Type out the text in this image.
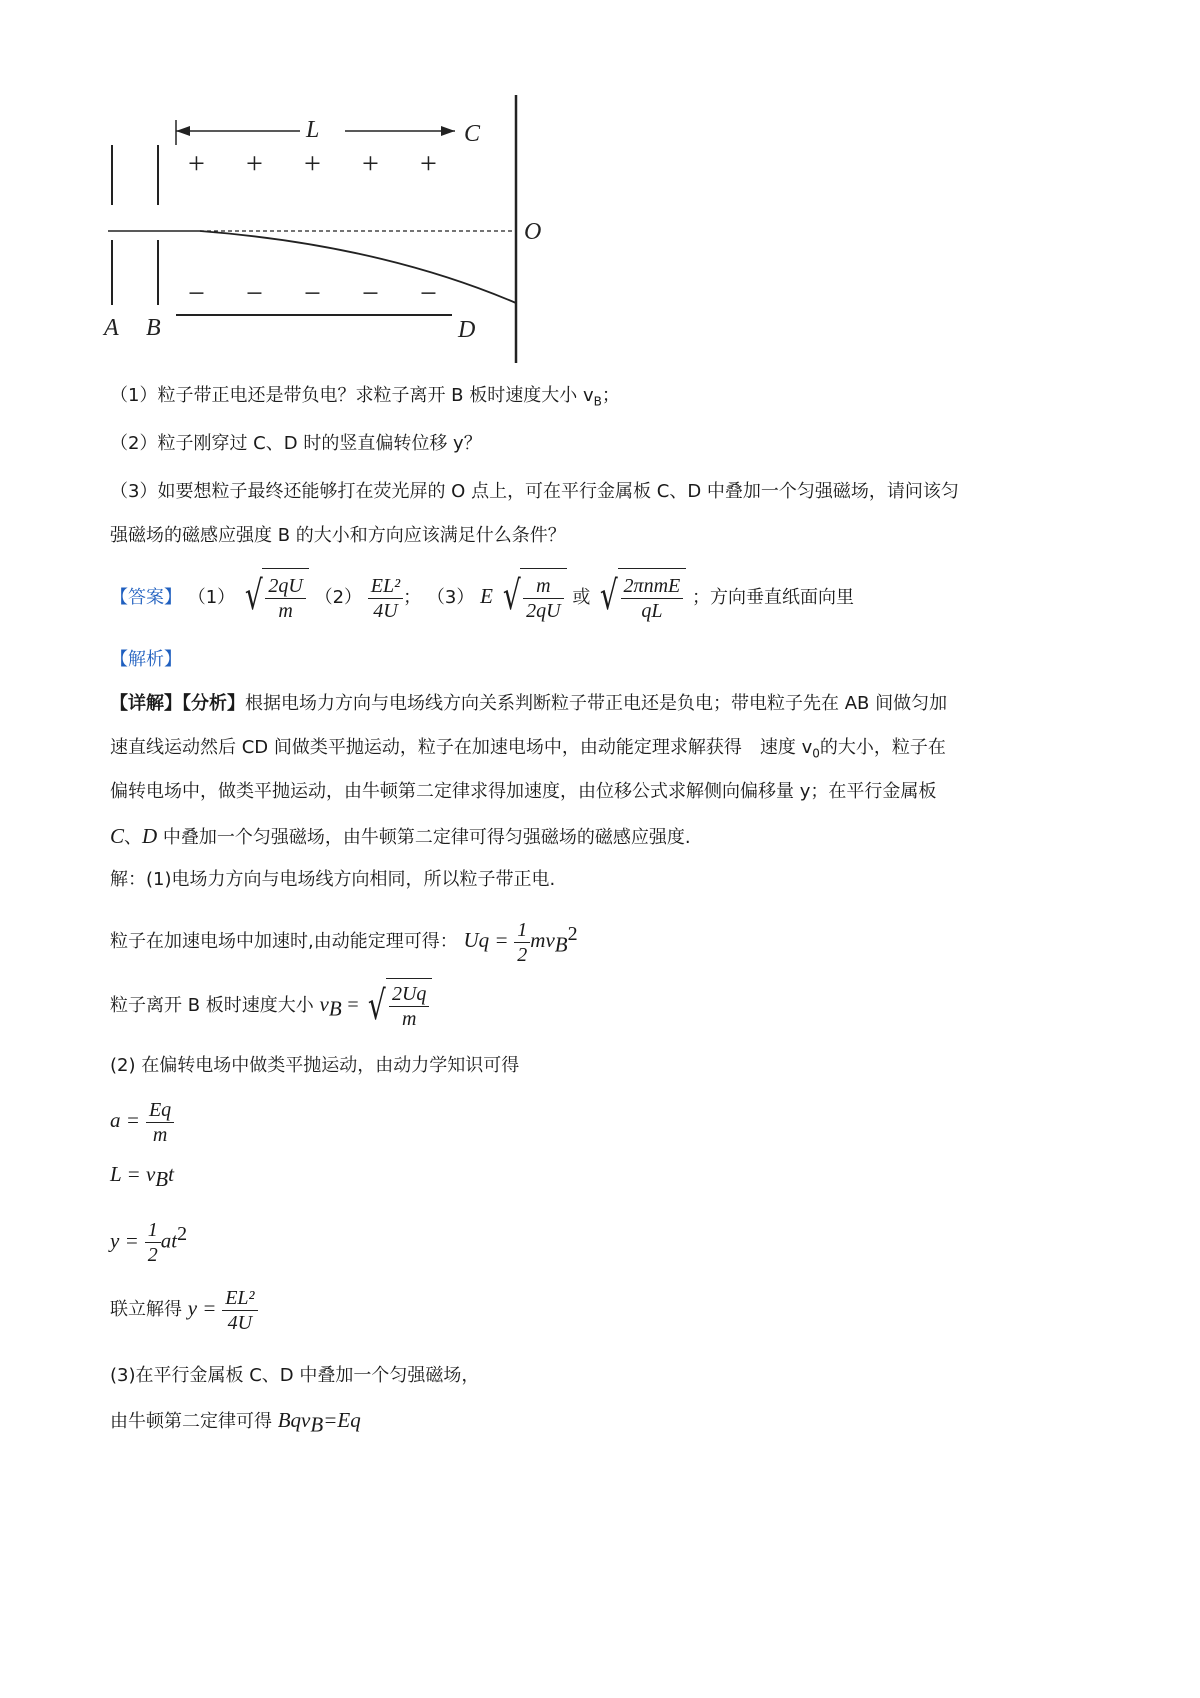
L	C
+ + + + +
O
− − − − −
A B	D
（1）粒子带正电还是带负电？求粒子离开 B 板时速度大小 $v_B$；
（2）粒子刚穿过 C、D 时的竖直偏转位移 y？
（3）如要想粒子最终还能够打在荧光屏的 O 点上，可在平行金属板 C、D 中叠加一个匀强磁场，请问该匀
强磁场的磁感应强度 B 的大小和方向应该满足什么条件？
【答案】 （1） √ $\frac{2qU}{m} (2) \frac{\text{EL²}}{4U}$ ； （3） E √ $\frac{m}{2qU}$ 或 √ $\frac{\text{2πnmE}}{qL}$ ；方向垂直纸面向里
【解析】
【详解】【分析】根据电场力方向与电场线方向关系判断粒子带正电还是负电；带电粒子先在 AB 间做匀加
速直线运动然后 CD 间做类平抛运动，粒子在加速电场中，由动能定理求解获得　速度 $v_0$的大小，粒子在
偏转电场中，做类平抛运动，由牛顿第二定律求得加速度，由位移公式求解侧向偏移量 y；在平行金属板
C、D 中叠加一个匀强磁场，由牛顿第二定律可得匀强磁场的磁感应强度.
解：(1)电场力方向与电场线方向相同，所以粒子带正电.
粒子在加速电场中加速时,由动能定理可得： $Uq = \frac{1}{2} mv_B^2$
粒子离开 B 板时速度大小 $v_B$ = √ $\frac{2Uq}{m}$
(2) 在偏转电场中做类平抛运动，由动力学知识可得
$a = \frac{Eq}{m}$
$L = v_Bt$
$y = \frac{1}{2} at^2$
联立解得 $y = \frac{\text{EL²}}{4U}$
(3)在平行金属板 C、D 中叠加一个匀强磁场，
由牛顿第二定律可得 Bqv$_B$=Eq
